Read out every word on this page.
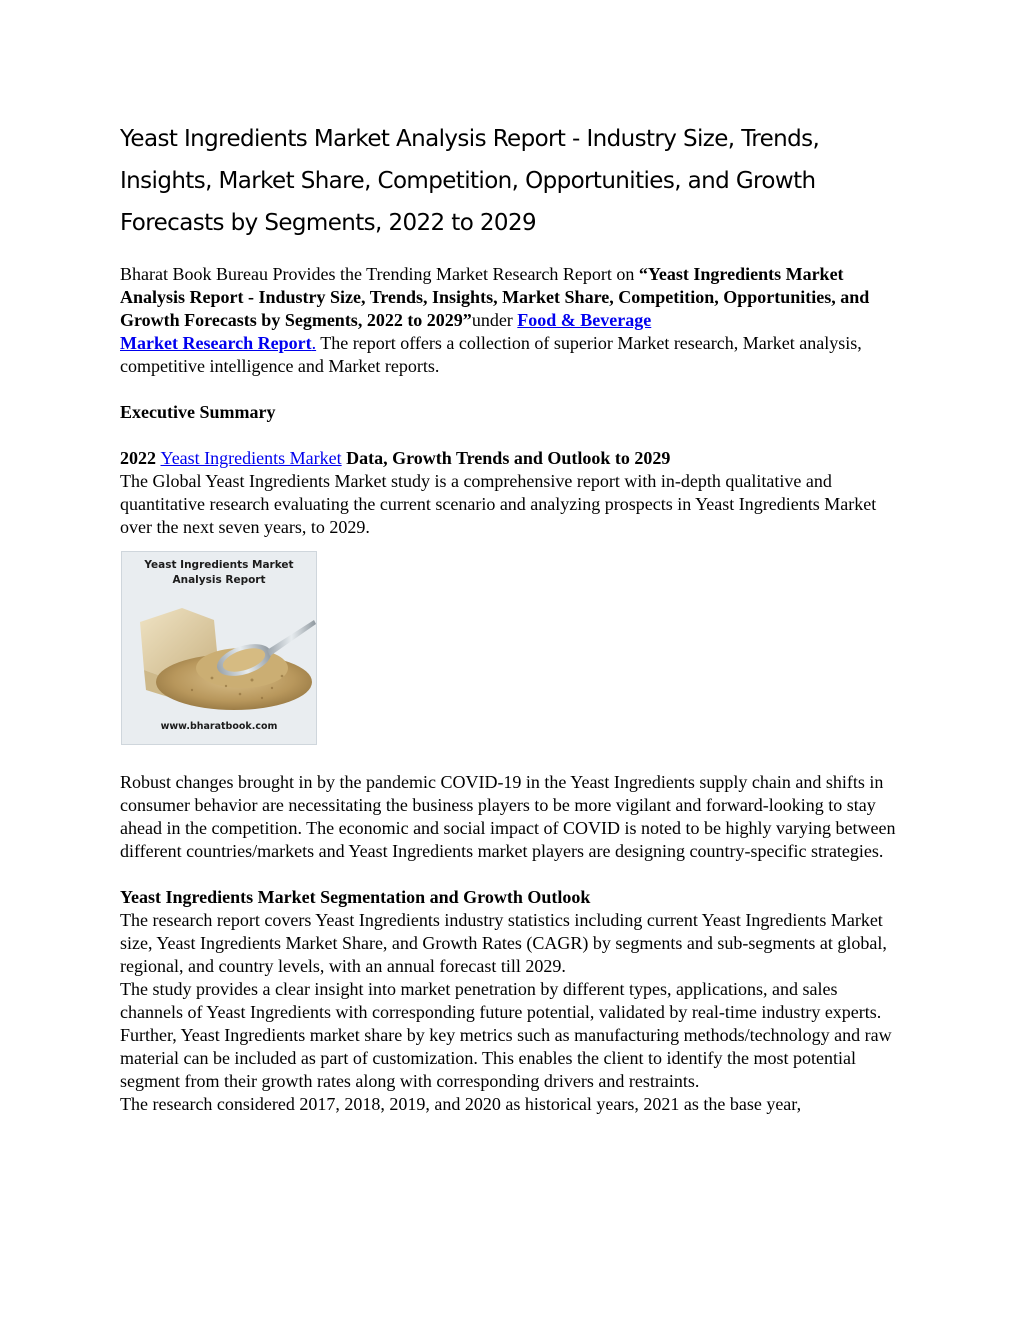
Yeast Ingredients Market Analysis Report - Industry Size, Trends, Insights, Market Share, Competition, Opportunities, and Growth Forecasts by Segments, 2022 to 2029

Bharat Book Bureau Provides the Trending Market Research Report on “Yeast Ingredients Market Analysis Report - Industry Size, Trends, Insights, Market Share, Competition, Opportunities, and Growth Forecasts by Segments, 2022 to 2029”under Food & Beverage
Market Research Report. The report offers a collection of superior Market research, Market analysis, competitive intelligence and Market reports.

Executive Summary

2022 Yeast Ingredients Market Data, Growth Trends and Outlook to 2029

The Global Yeast Ingredients Market study is a comprehensive report with in-depth qualitative and quantitative research evaluating the current scenario and analyzing prospects in Yeast Ingredients Market over the next seven years, to 2029.

Yeast Ingredients Market
Analysis Report
www.bharatbook.com

Robust changes brought in by the pandemic COVID-19 in the Yeast Ingredients supply chain and shifts in consumer behavior are necessitating the business players to be more vigilant and forward-looking to stay ahead in the competition. The economic and social impact of COVID is noted to be highly varying between different countries/markets and Yeast Ingredients market players are designing country-specific strategies.

Yeast Ingredients Market Segmentation and Growth Outlook

The research report covers Yeast Ingredients industry statistics including current Yeast Ingredients Market size, Yeast Ingredients Market Share, and Growth Rates (CAGR) by segments and sub-segments at global, regional, and country levels, with an annual forecast till 2029.

The study provides a clear insight into market penetration by different types, applications, and sales channels of Yeast Ingredients with corresponding future potential, validated by real-time industry experts. Further, Yeast Ingredients market share by key metrics such as manufacturing methods/technology and raw material can be included as part of customization. This enables the client to identify the most potential segment from their growth rates along with corresponding drivers and restraints.

The research considered 2017, 2018, 2019, and 2020 as historical years, 2021 as the base year,
